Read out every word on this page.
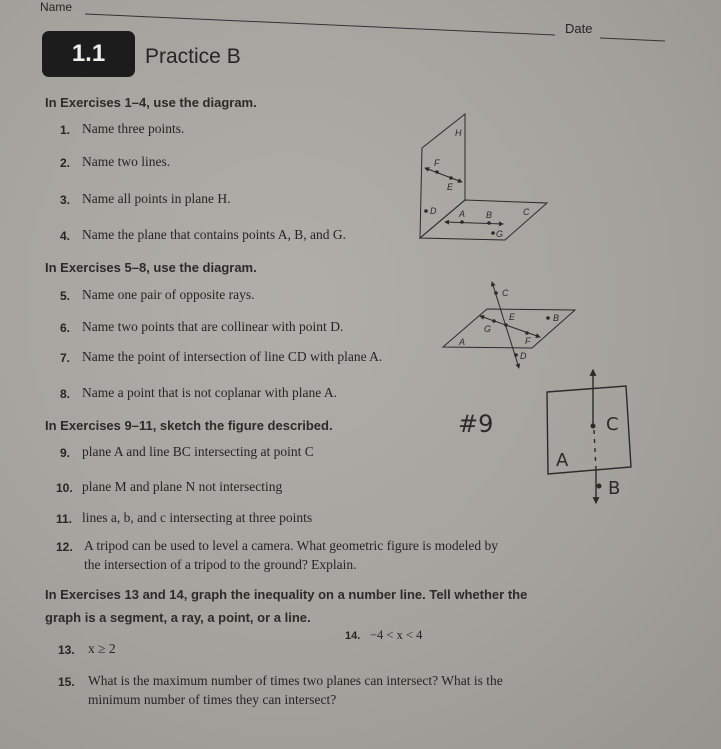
Name
Date
1.1	Practice B
In Exercises 1–4, use the diagram.
1. Name three points.
2. Name two lines.
3. Name all points in plane H.
4. Name the plane that contains points A, B, and G.
In Exercises 5–8, use the diagram.
5. Name one pair of opposite rays.
6. Name two points that are collinear with point D.
7. Name the point of intersection of line CD with plane A.
8. Name a point that is not coplanar with plane A.
In Exercises 9–11, sketch the figure described.
9. plane A and line BC intersecting at point C
10. plane M and plane N not intersecting
11. lines a, b, and c intersecting at three points
12. A tripod can be used to level a camera. What geometric figure is modeled by
the intersection of a tripod to the ground? Explain.
In Exercises 13 and 14, graph the inequality on a number line. Tell whether the
graph is a segment, a ray, a point, or a line.
13. x ≥ 2
14. −4 < x < 4
15. What is the maximum number of times two planes can intersect? What is the
minimum number of times they can intersect?
H
F
E
D	A B	C
G
C
E	B
G
A	F
D
#9	C
A
B
